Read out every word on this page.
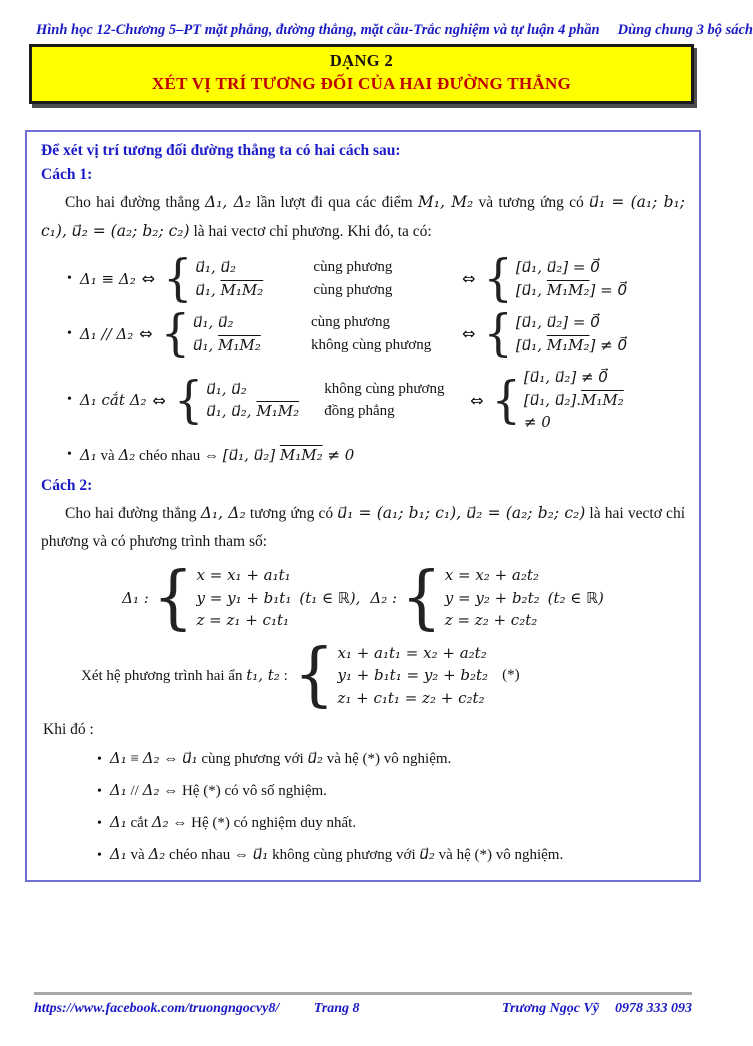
Hình học 12-Chương 5–PT mặt phẳng, đường thẳng, mặt cầu-Trắc nghiệm và tự luận 4 phần Dùng chung 3 bộ sách
DẠNG 2
XÉT VỊ TRÍ TƯƠNG ĐỐI CỦA HAI ĐƯỜNG THẲNG
Để xét vị trí tương đối đường thẳng ta có hai cách sau:
Cách 1:
Cho hai đường thẳng Δ₁, Δ₂ lần lượt đi qua các điểm M₁, M₂ và tương ứng có u⃗₁ = (a₁; b₁; c₁), u⃗₂ = (a₂; b₂; c₂) là hai vectơ chỉ phương. Khi đó, ta có:
• Δ₁ ≡ Δ₂ ⇔ { u⃗₁, u⃗₂	cùng phương
u⃗₁, M₁M₂	cùng phương
⇔ { [u⃗₁, u⃗₂] = 0⃗
[u⃗₁, M₁M₂] = 0⃗
• Δ₁ // Δ₂ ⇔ { u⃗₁, u⃗₂	cùng phương
u⃗₁, M₁M₂	không cùng phương
⇔ { [u⃗₁, u⃗₂] = 0⃗
[u⃗₁, M₁M₂] ≠ 0⃗
• Δ₁ cắt Δ₂ ⇔ { u⃗₁, u⃗₂	không cùng phương
u⃗₁, u⃗₂, M₁M₂	đồng phẳng
⇔ { [u⃗₁, u⃗₂] ≠ 0⃗
[u⃗₁, u⃗₂].M₁M₂ ≠ 0
• Δ₁ và Δ₂ chéo nhau ⇔ [u⃗₁, u⃗₂] M₁M₂ ≠ 0
Cách 2:
Cho hai đường thẳng Δ₁, Δ₂ tương ứng có u⃗₁ = (a₁; b₁; c₁), u⃗₂ = (a₂; b₂; c₂) là hai vectơ chỉ phương và có phương trình tham số:
Δ₁ : { x = x₁ + a₁t₁
y = y₁ + b₁t₁
z = z₁ + c₁t₁
(t₁ ∈ ℝ), Δ₂ : { x = x₂ + a₂t₂
y = y₂ + b₂t₂
z = z₂ + c₂t₂
(t₂ ∈ ℝ)
Xét hệ phương trình hai ẩn t₁, t₂ : { x₁ + a₁t₁ = x₂ + a₂t₂
y₁ + b₁t₁ = y₂ + b₂t₂
z₁ + c₁t₁ = z₂ + c₂t₂
(*)
Khi đó :
• Δ₁ ≡ Δ₂ ⇔ u⃗₁ cùng phương với u⃗₂ và hệ (*) vô nghiệm.
• Δ₁ // Δ₂ ⇔ Hệ (*) có vô số nghiệm.
• Δ₁ cắt Δ₂ ⇔ Hệ (*) có nghiệm duy nhất.
• Δ₁ và Δ₂ chéo nhau ⇔ u⃗₁ không cùng phương với u⃗₂ và hệ (*) vô nghiệm.
https://www.facebook.com/truongngocvy8/ Trang 8	Trương Ngọc Vỹ 0978 333 093
